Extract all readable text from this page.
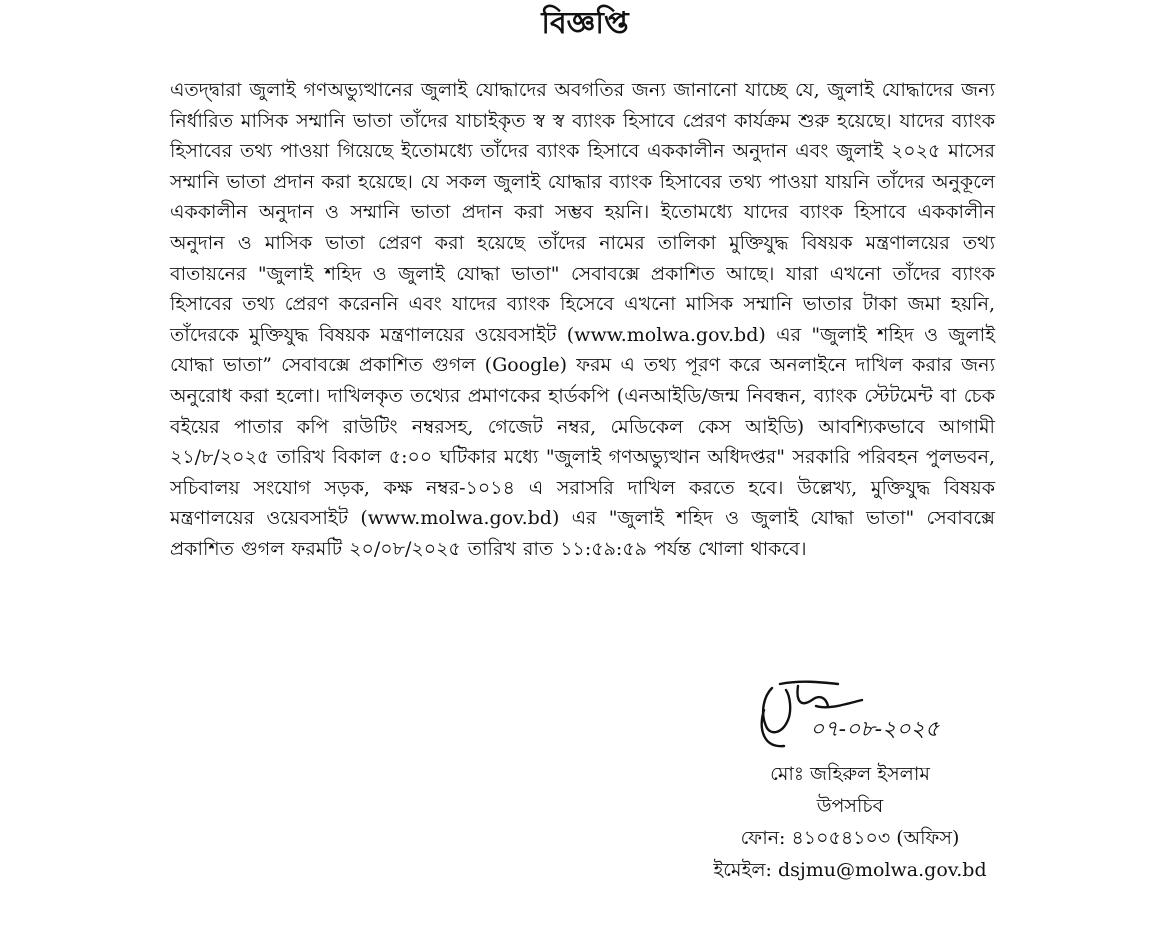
বিজ্ঞপ্তি
এতদ্দ্বারা জুলাই গণঅভ্যুত্থানের জুলাই যোদ্ধাদের অবগতির জন্য জানানো যাচ্ছে যে, জুলাই যোদ্ধাদের জন্য নির্ধারিত মাসিক সম্মানি ভাতা তাঁদের যাচাইকৃত স্ব স্ব ব্যাংক হিসাবে প্রেরণ কার্যক্রম শুরু হয়েছে। যাদের ব্যাংক হিসাবের তথ্য পাওয়া গিয়েছে ইতোমধ্যে তাঁদের ব্যাংক হিসাবে এককালীন অনুদান এবং জুলাই ২০২৫ মাসের সম্মানি ভাতা প্রদান করা হয়েছে। যে সকল জুলাই যোদ্ধার ব্যাংক হিসাবের তথ্য পাওয়া যায়নি তাঁদের অনুকূলে এককালীন অনুদান ও সম্মানি ভাতা প্রদান করা সম্ভব হয়নি। ইতোমধ্যে যাদের ব্যাংক হিসাবে এককালীন অনুদান ও মাসিক ভাতা প্রেরণ করা হয়েছে তাঁদের নামের তালিকা মুক্তিযুদ্ধ বিষয়ক মন্ত্রণালয়ের তথ্য বাতায়নের "জুলাই শহিদ ও জুলাই যোদ্ধা ভাতা" সেবাবক্সে প্রকাশিত আছে। যারা এখনো তাঁদের ব্যাংক হিসাবের তথ্য প্রেরণ করেননি এবং যাদের ব্যাংক হিসেবে এখনো মাসিক সম্মানি ভাতার টাকা জমা হয়নি, তাঁদেরকে মুক্তিযুদ্ধ বিষয়ক মন্ত্রণালয়ের ওয়েবসাইট (www.molwa.gov.bd) এর "জুলাই শহিদ ও জুলাই যোদ্ধা ভাতা” সেবাবক্সে প্রকাশিত গুগল (Google) ফরম এ তথ্য পূরণ করে অনলাইনে দাখিল করার জন্য অনুরোধ করা হলো। দাখিলকৃত তথ্যের প্রমাণকের হার্ডকপি (এনআইডি/জন্ম নিবন্ধন, ব্যাংক স্টেটমেন্ট বা চেক বইয়ের পাতার কপি রাউটিং নম্বরসহ, গেজেট নম্বর, মেডিকেল কেস আইডি) আবশ্যিকভাবে আগামী ২১/৮/২০২৫ তারিখ বিকাল ৫:০০ ঘটিকার মধ্যে "জুলাই গণঅভ্যুত্থান অধিদপ্তর" সরকারি পরিবহন পুলভবন, সচিবালয় সংযোগ সড়ক, কক্ষ নম্বর-১০১৪ এ সরাসরি দাখিল করতে হবে। উল্লেখ্য, মুক্তিযুদ্ধ বিষয়ক মন্ত্রণালয়ের ওয়েবসাইট (www.molwa.gov.bd) এর "জুলাই শহিদ ও জুলাই যোদ্ধা ভাতা" সেবাবক্সে প্রকাশিত গুগল ফরমটি ২০/০৮/২০২৫ তারিখ রাত ১১:৫৯:৫৯ পর্যন্ত খোলা থাকবে।
০৭-০৮-২০২৫
মোঃ জহিরুল ইসলাম
উপসচিব
ফোন: ৪১০৫৪১০৩ (অফিস)
ইমেইল: dsjmu@molwa.gov.bd
